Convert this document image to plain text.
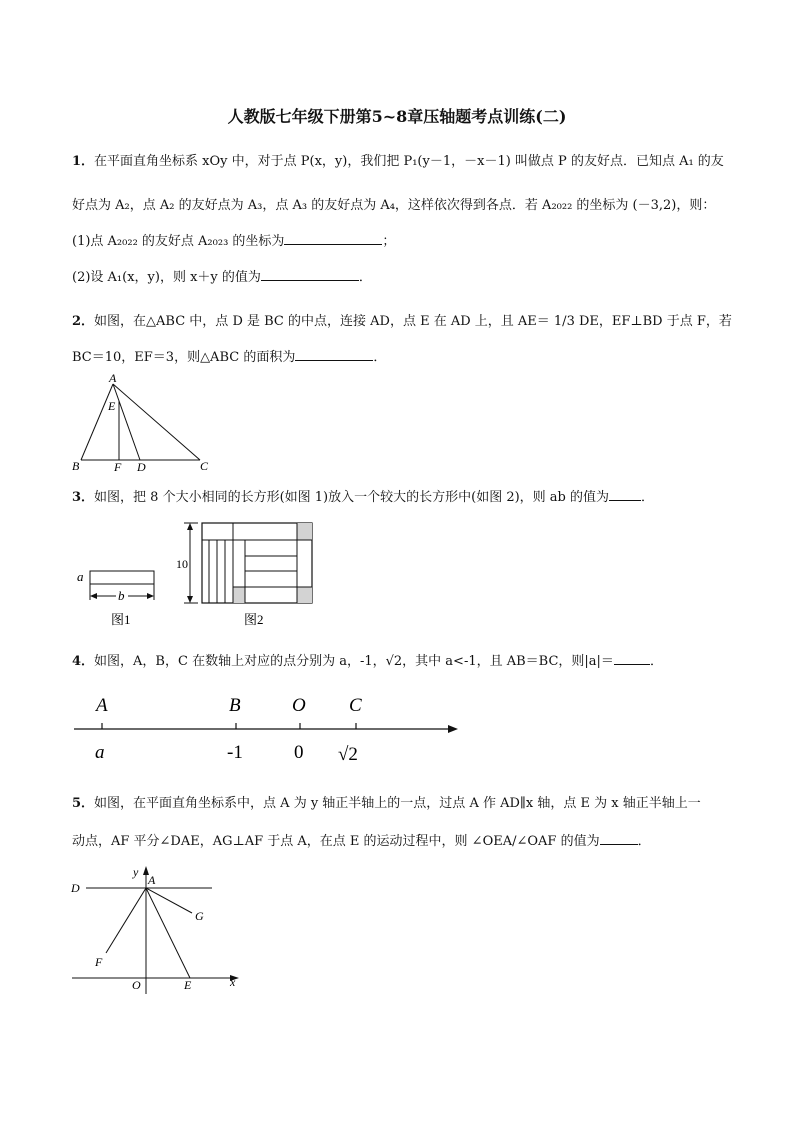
人教版七年级下册第5~8章压轴题考点训练(二)
1．在平面直角坐标系 xOy 中，对于点 P(x，y)，我们把 P₁(y－1，－x－1) 叫做点 P 的友好点．已知点 A₁ 的友
好点为 A₂，点 A₂ 的友好点为 A₃，点 A₃ 的友好点为 A₄，这样依次得到各点．若 A₂₀₂₂ 的坐标为 (－3,2)，则：
(1)点 A₂₀₂₂ 的友好点 A₂₀₂₃ 的坐标为	；
(2)设 A₁(x，y)，则 x＋y 的值为	．
2．如图，在△ABC 中，点 D 是 BC 的中点，连接 AD，点 E 在 AD 上，且 AE＝ 1/3 DE，EF⊥BD 于点 F，若
BC＝10，EF＝3，则△ABC 的面积为	．
A
E
B	F D	C
3．如图，把 8 个大小相同的长方形(如图 1)放入一个较大的长方形中(如图 2)，则 ab 的值为 ．
a
b
图1
10
图2
4．如图，A，B，C 在数轴上对应的点分别为 a，-1，√2，其中 a<-1，且 AB＝BC，则|a|＝	．
A	B	O C
a	-1	0 √2
5．如图，在平面直角坐标系中，点 A 为 y 轴正半轴上的一点，过点 A 作 AD∥x 轴，点 E 为 x 轴正半轴上一
动点，AF 平分∠DAE，AG⊥AF 于点 A，在点 E 的运动过程中，则 ∠OEA/∠OAF 的值为	．
y
A
D
G
F
O	E	x
